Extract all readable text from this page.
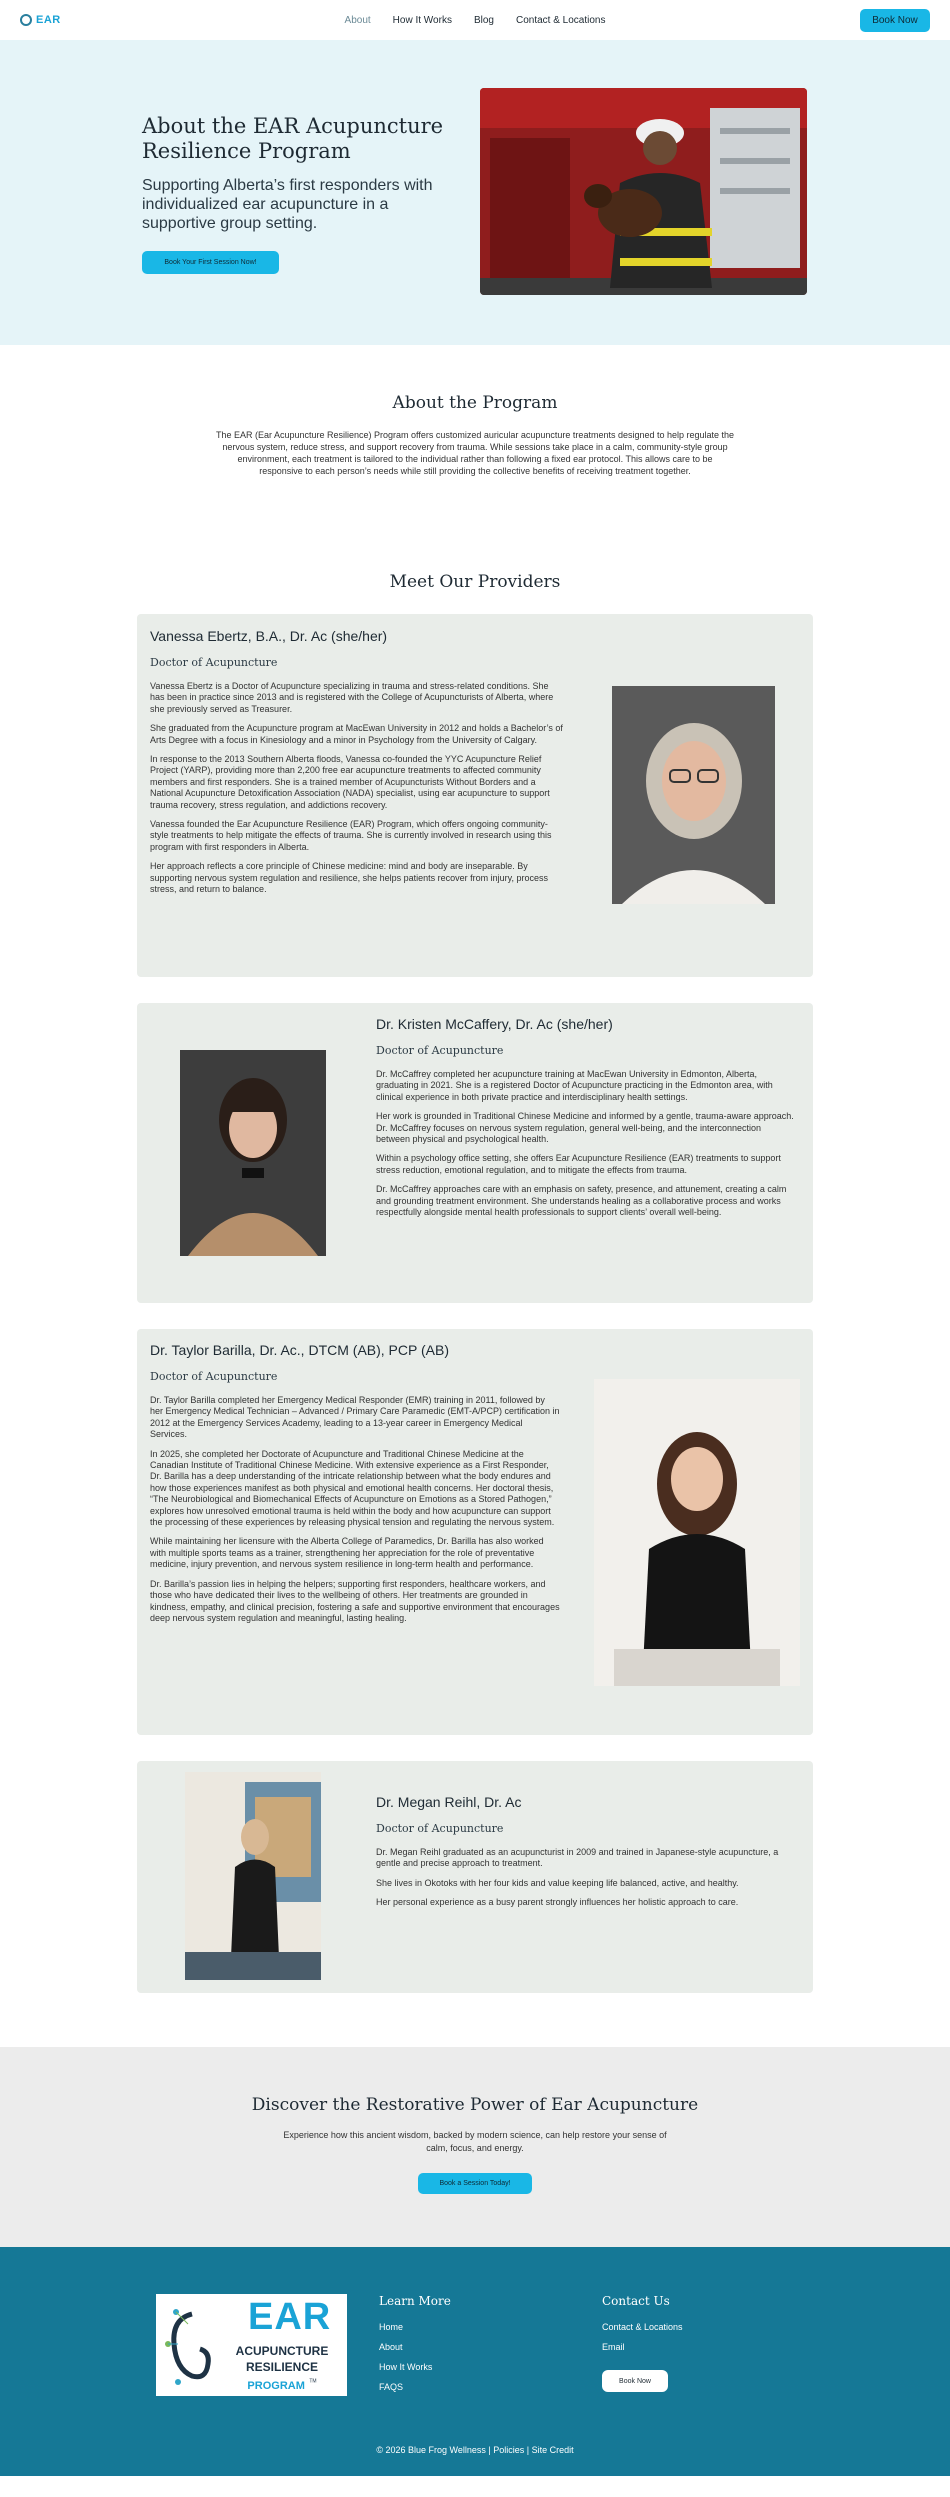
EAR	About How It Works Blog Contact & Locations	Book Now
About the EAR Acupuncture Resilience Program

Supporting Alberta’s first responders with individualized ear acupuncture in a supportive group setting.

Book Your First Session Now!
About the Program

The EAR (Ear Acupuncture Resilience) Program offers customized auricular acupuncture treatments designed to help regulate the nervous system, reduce stress, and support recovery from trauma. While sessions take place in a calm, community-style group environment, each treatment is tailored to the individual rather than following a fixed ear protocol. This allows care to be responsive to each person’s needs while still providing the collective benefits of receiving treatment together.

Meet Our Providers
Vanessa Ebertz, B.A., Dr. Ac (she/her)
Doctor of Acupuncture

Vanessa Ebertz is a Doctor of Acupuncture specializing in trauma and stress-related conditions. She has been in practice since 2013 and is registered with the College of Acupuncturists of Alberta, where she previously served as Treasurer.

She graduated from the Acupuncture program at MacEwan University in 2012 and holds a Bachelor’s of Arts Degree with a focus in Kinesiology and a minor in Psychology from the University of Calgary.

In response to the 2013 Southern Alberta floods, Vanessa co-founded the YYC Acupuncture Relief Project (YARP), providing more than 2,200 free ear acupuncture treatments to affected community members and first responders. She is a trained member of Acupuncturists Without Borders and a National Acupuncture Detoxification Association (NADA) specialist, using ear acupuncture to support trauma recovery, stress regulation, and addictions recovery.

Vanessa founded the Ear Acupuncture Resilience (EAR) Program, which offers ongoing community-style treatments to help mitigate the effects of trauma. She is currently involved in research using this program with first responders in Alberta.

Her approach reflects a core principle of Chinese medicine: mind and body are inseparable. By supporting nervous system regulation and resilience, she helps patients recover from injury, process stress, and return to balance.

Dr. Kristen McCaffery, Dr. Ac (she/her)
Doctor of Acupuncture

Dr. McCaffrey completed her acupuncture training at MacEwan University in Edmonton, Alberta, graduating in 2021. She is a registered Doctor of Acupuncture practicing in the Edmonton area, with clinical experience in both private practice and interdisciplinary health settings.

Her work is grounded in Traditional Chinese Medicine and informed by a gentle, trauma-aware approach. Dr. McCaffrey focuses on nervous system regulation, general well-being, and the interconnection between physical and psychological health.

Within a psychology office setting, she offers Ear Acupuncture Resilience (EAR) treatments to support stress reduction, emotional regulation, and to mitigate the effects from trauma.

Dr. McCaffrey approaches care with an emphasis on safety, presence, and attunement, creating a calm and grounding treatment environment. She understands healing as a collaborative process and works respectfully alongside mental health professionals to support clients’ overall well-being.

Dr. Taylor Barilla, Dr. Ac., DTCM (AB), PCP (AB)
Doctor of Acupuncture

Dr. Taylor Barilla completed her Emergency Medical Responder (EMR) training in 2011, followed by her Emergency Medical Technician – Advanced / Primary Care Paramedic (EMT-A/PCP) certification in 2012 at the Emergency Services Academy, leading to a 13-year career in Emergency Medical Services.

In 2025, she completed her Doctorate of Acupuncture and Traditional Chinese Medicine at the Canadian Institute of Traditional Chinese Medicine. With extensive experience as a First Responder, Dr. Barilla has a deep understanding of the intricate relationship between what the body endures and how those experiences manifest as both physical and emotional health concerns. Her doctoral thesis, “The Neurobiological and Biomechanical Effects of Acupuncture on Emotions as a Stored Pathogen,” explores how unresolved emotional trauma is held within the body and how acupuncture can support the processing of these experiences by releasing physical tension and regulating the nervous system.

While maintaining her licensure with the Alberta College of Paramedics, Dr. Barilla has also worked with multiple sports teams as a trainer, strengthening her appreciation for the role of preventative medicine, injury prevention, and nervous system resilience in long-term health and performance.

Dr. Barilla’s passion lies in helping the helpers; supporting first responders, healthcare workers, and those who have dedicated their lives to the wellbeing of others. Her treatments are grounded in kindness, empathy, and clinical precision, fostering a safe and supportive environment that encourages deep nervous system regulation and meaningful, lasting healing.

Dr. Megan Reihl, Dr. Ac
Doctor of Acupuncture

Dr. Megan Reihl graduated as an acupuncturist in 2009 and trained in Japanese-style acupuncture, a gentle and precise approach to treatment.

She lives in Okotoks with her four kids and value keeping life balanced, active, and healthy.

Her personal experience as a busy parent strongly influences her holistic approach to care.

Discover the Restorative Power of Ear Acupuncture

Experience how this ancient wisdom, backed by modern science, can help restore your sense of calm, focus, and energy.

Book a Session Today!
EAR
ACUPUNCTURE
RESILIENCE
PROGRAM ™
Learn More
Home
About
How It Works
FAQS
Contact Us
Contact & Locations
Email
Book Now
© 2026 Blue Frog Wellness | Policies | Site Credit
